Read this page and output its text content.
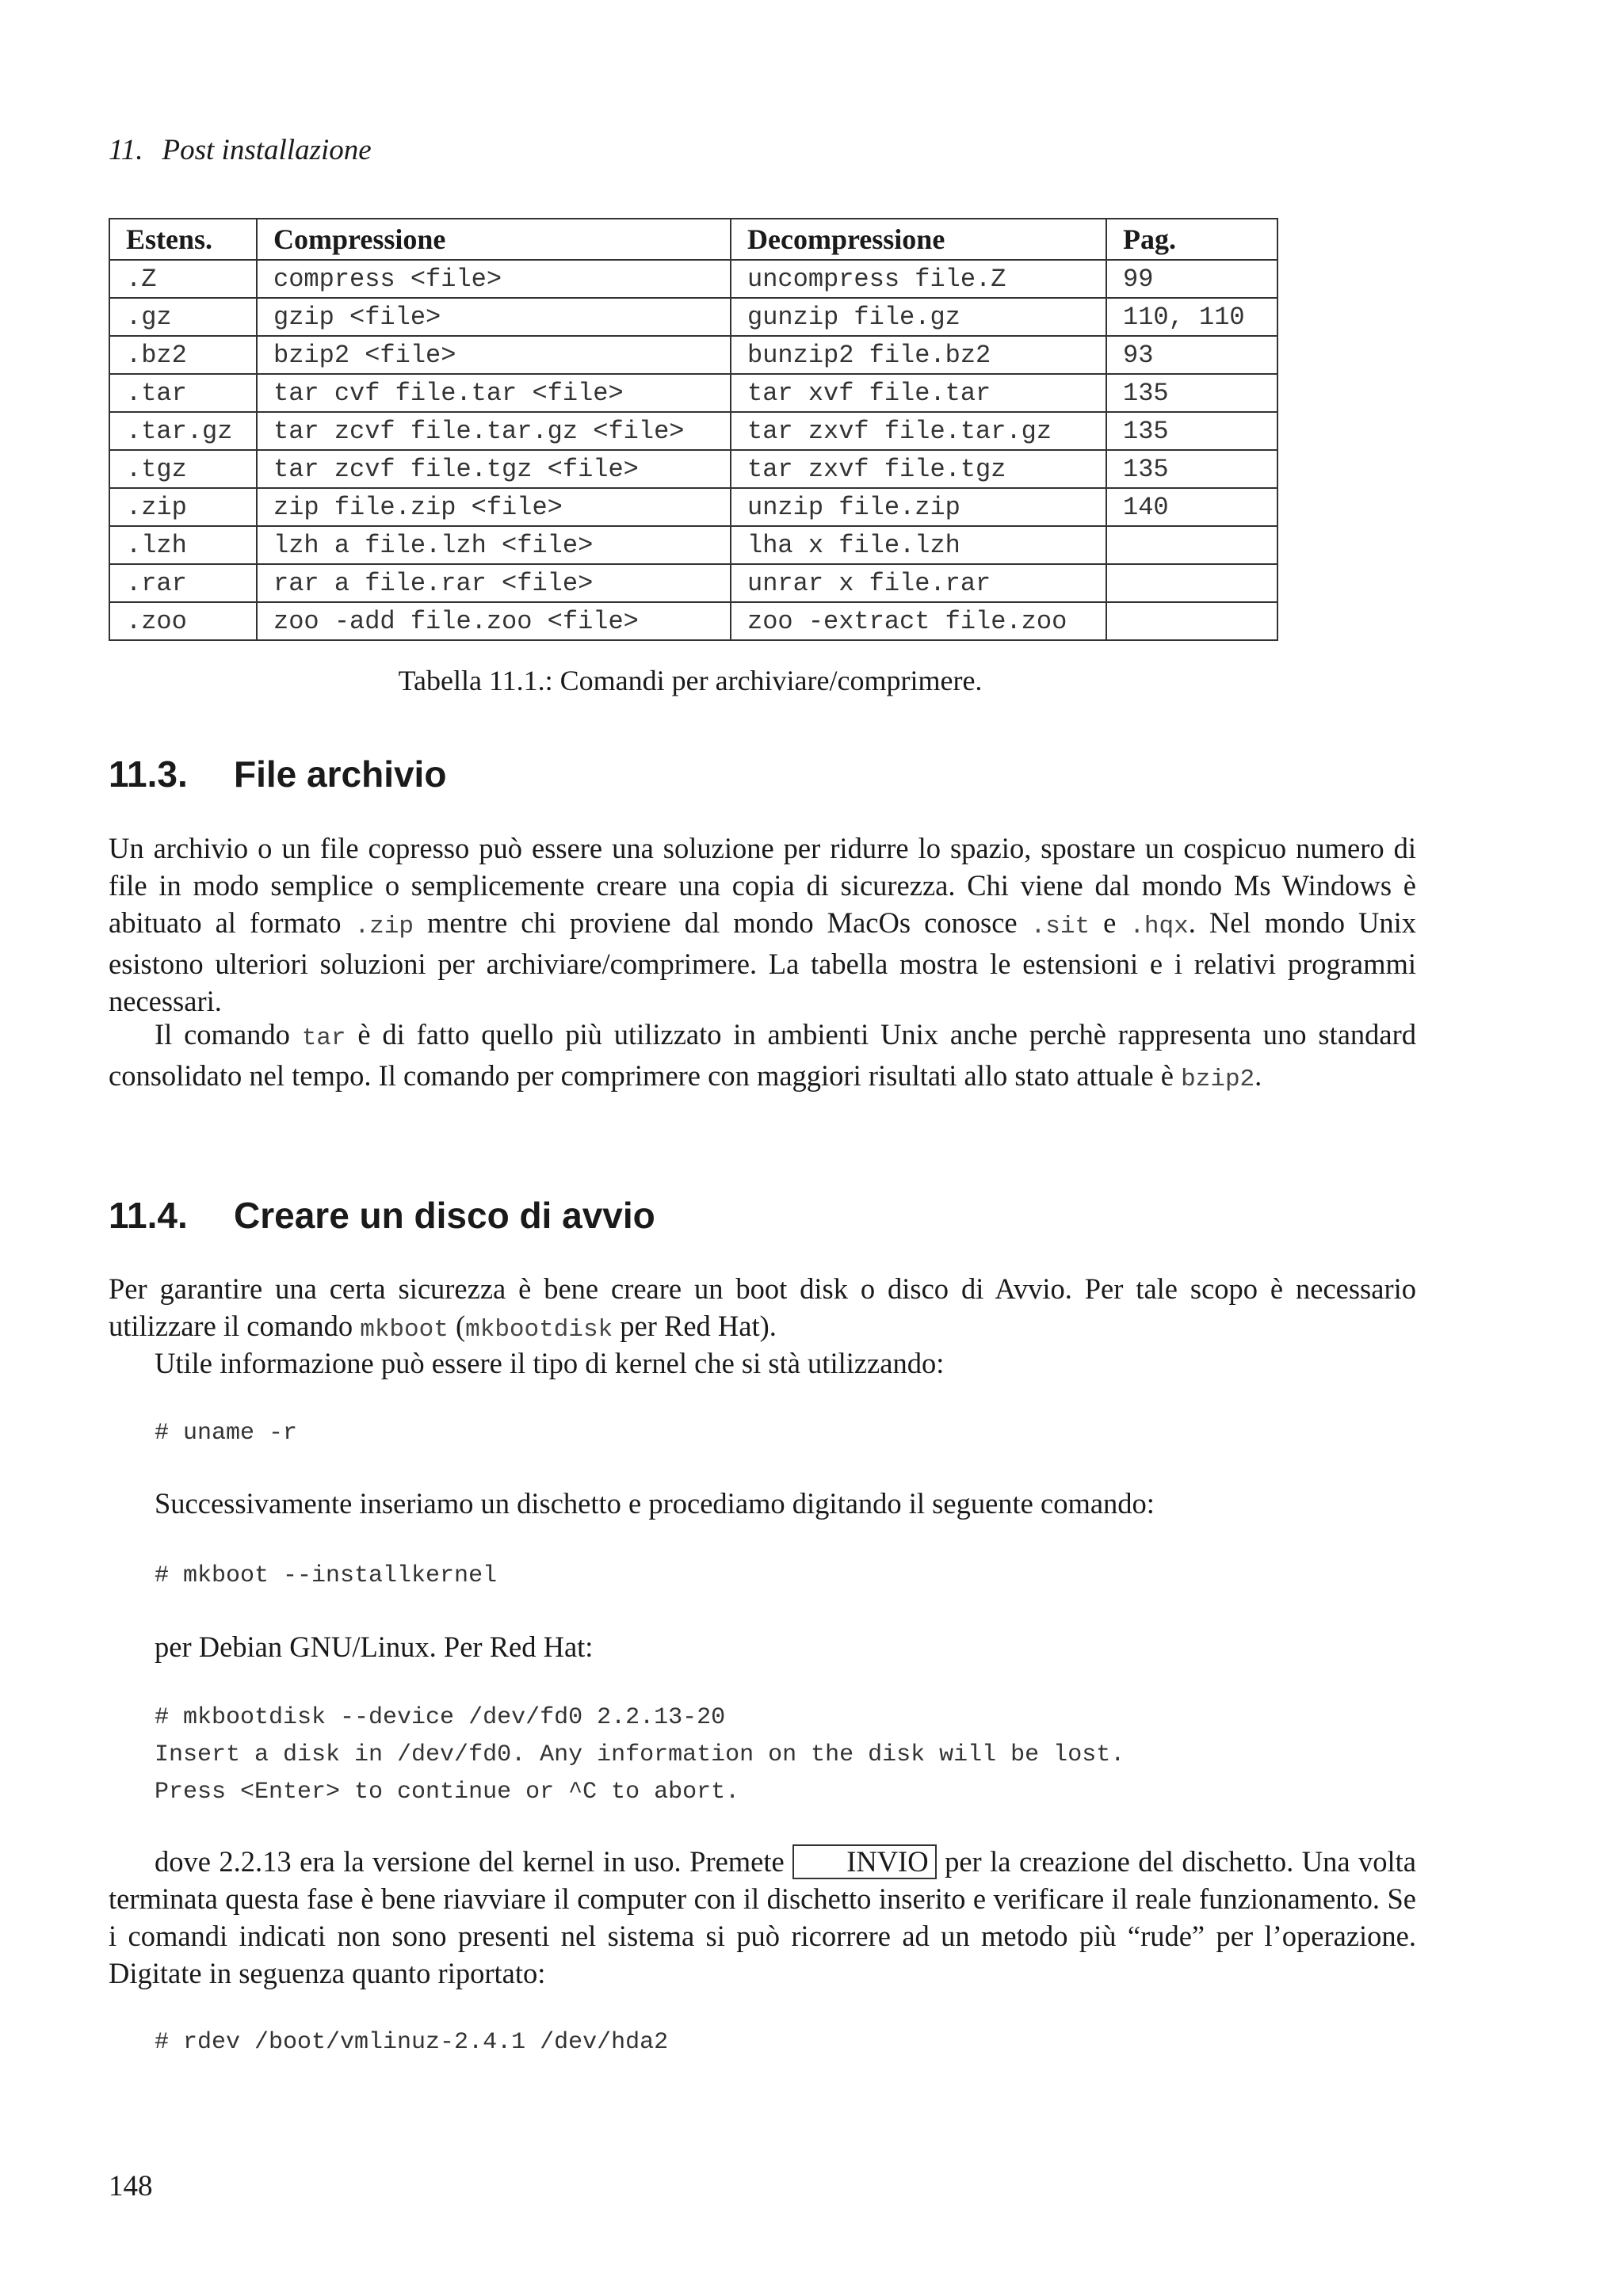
11. Post installazione
Estens.	Compressione	Decompressione	Pag.
.Z	compress <file>	uncompress file.Z	99
.gz	gzip <file>	gunzip file.gz	110, 110
.bz2	bzip2 <file>	bunzip2 file.bz2	93
.tar	tar cvf file.tar <file>	tar xvf file.tar	135
.tar.gz	tar zcvf file.tar.gz <file>	tar zxvf file.tar.gz	135
.tgz	tar zcvf file.tgz <file>	tar zxvf file.tgz	135
.zip	zip file.zip <file>	unzip file.zip	140
.lzh	lzh a file.lzh <file>	lha x file.lzh	
.rar	rar a file.rar <file>	unrar x file.rar	
.zoo	zoo -add file.zoo <file>	zoo -extract file.zoo	
Tabella 11.1.: Comandi per archiviare/comprimere.
11.3. File archivio

Un archivio o un file copresso può essere una soluzione per ridurre lo spazio, spostare un cospicuo numero di file in modo semplice o semplicemente creare una copia di sicurezza. Chi viene dal mondo Ms Windows è abituato al formato .zip mentre chi proviene dal mondo MacOs conosce .sit e .hqx. Nel mondo Unix esistono ulteriori soluzioni per archiviare/comprimere. La tabella mostra le estensioni e i relativi programmi necessari.

Il comando tar è di fatto quello più utilizzato in ambienti Unix anche perchè rappresenta uno standard consolidato nel tempo. Il comando per comprimere con maggiori risultati allo stato attuale è bzip2.

11.4. Creare un disco di avvio

Per garantire una certa sicurezza è bene creare un boot disk o disco di Avvio. Per tale scopo è necessario utilizzare il comando mkboot (mkbootdisk per Red Hat).

Utile informazione può essere il tipo di kernel che si stà utilizzando:

# uname -r

Successivamente inseriamo un dischetto e procediamo digitando il seguente comando:

# mkboot --installkernel

per Debian GNU/Linux. Per Red Hat:

# mkbootdisk --device /dev/fd0 2.2.13-20
Insert a disk in /dev/fd0. Any information on the disk will be lost.
Press <Enter> to continue or ^C to abort.

dove 2.2.13 era la versione del kernel in uso. Premete INVIO per la creazione del dischetto. Una volta terminata questa fase è bene riavviare il computer con il dischetto inserito e verificare il reale funzionamento. Se i comandi indicati non sono presenti nel sistema si può ricorrere ad un metodo più “rude” per l’operazione. Digitate in seguenza quanto riportato:

# rdev /boot/vmlinuz-2.4.1 /dev/hda2
148
